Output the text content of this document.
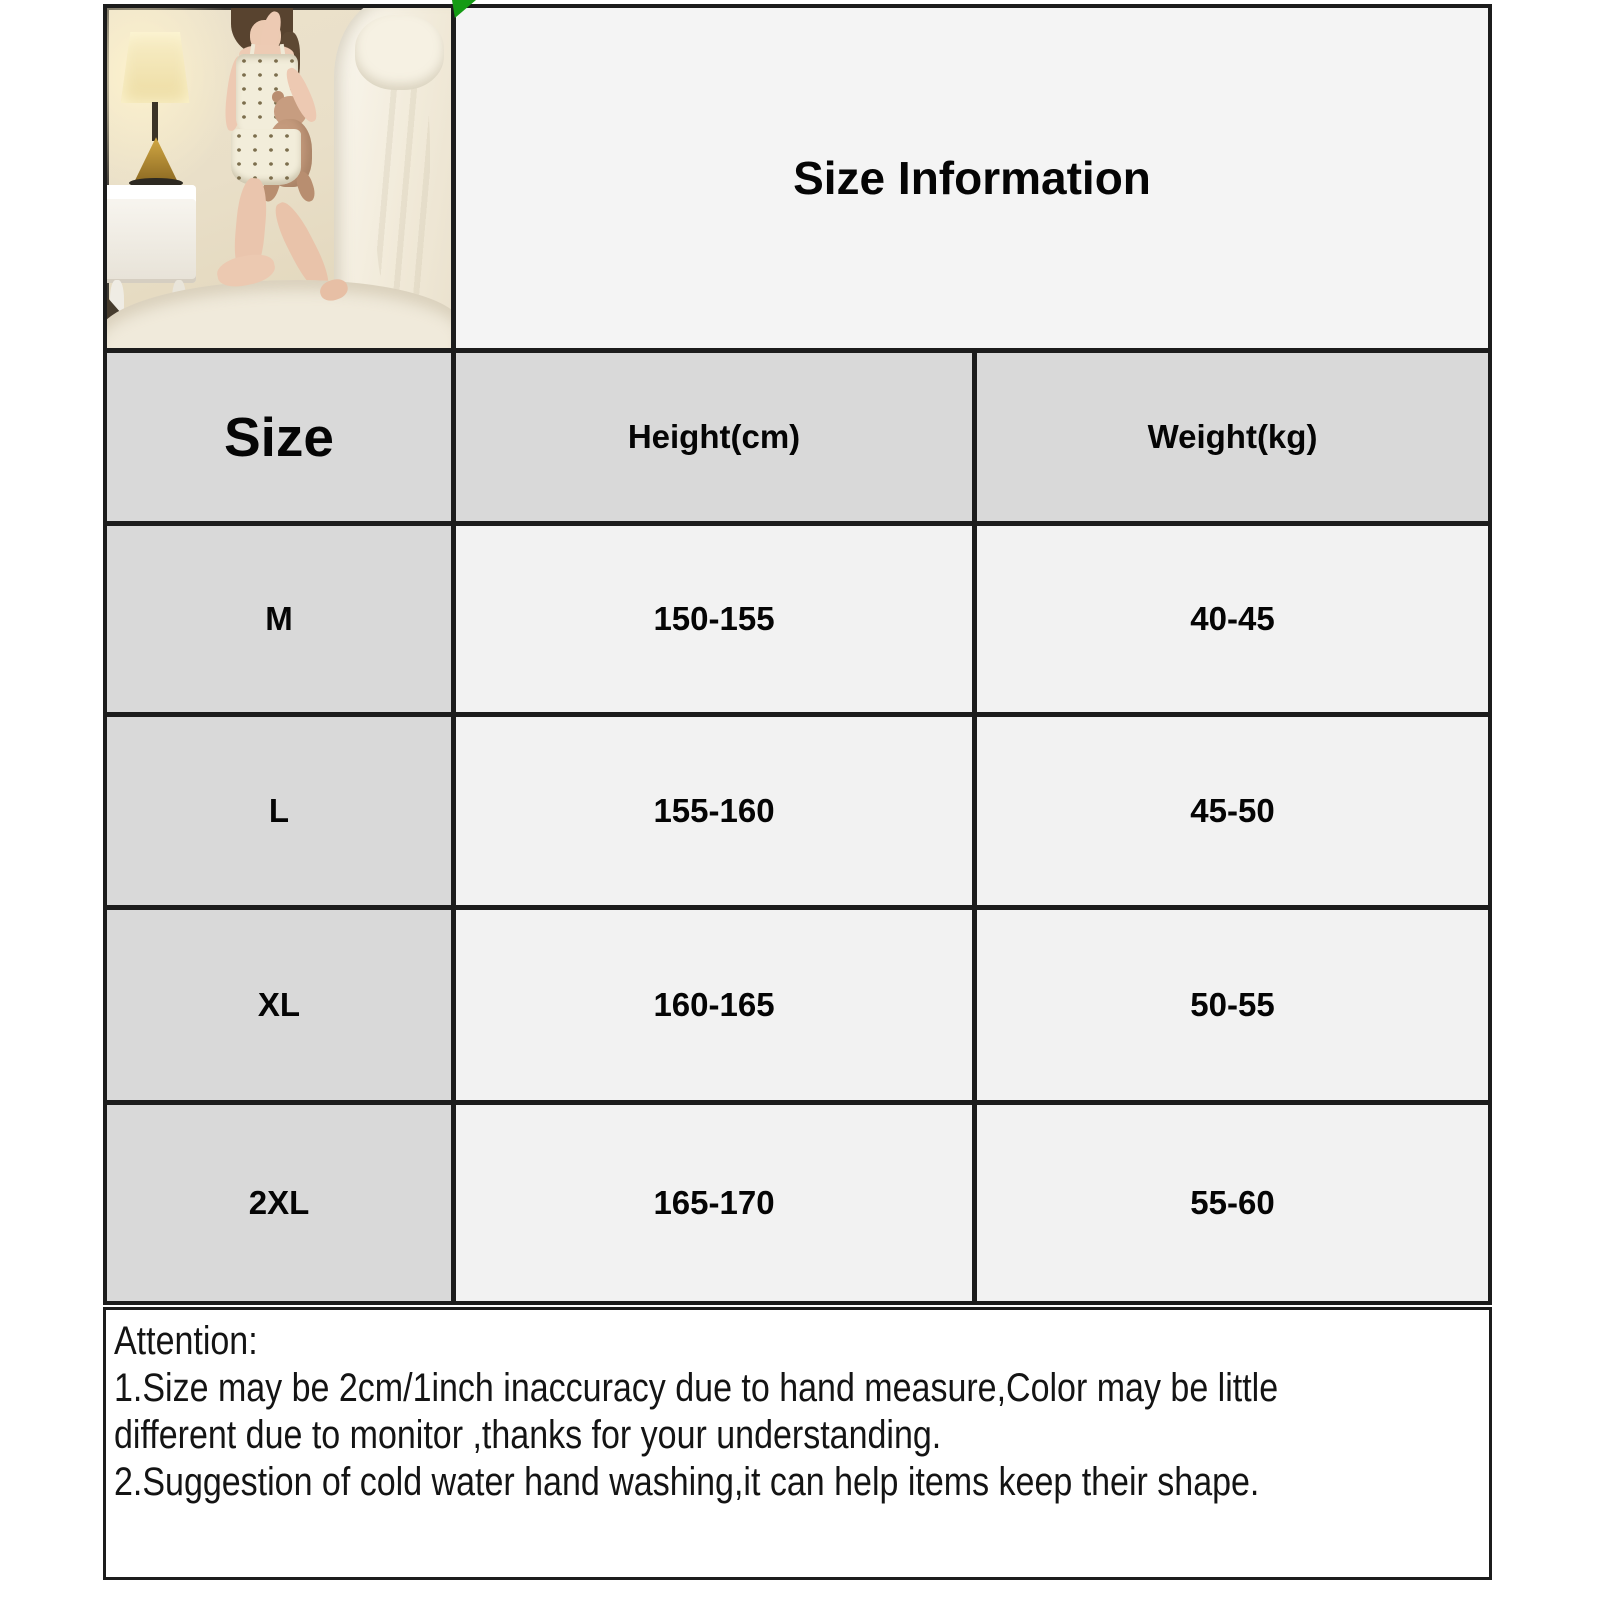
Size Information
Size	Height(cm)	Weight(kg)
M	150-155	40-45
L	155-160	45-50
XL	160-165	50-55
2XL	165-170	55-60
Attention:
1.Size may be 2cm/1inch inaccuracy due to hand measure,Color may be little
different due to monitor ,thanks for your understanding.
2.Suggestion of cold water hand washing,it can help items keep their shape.
